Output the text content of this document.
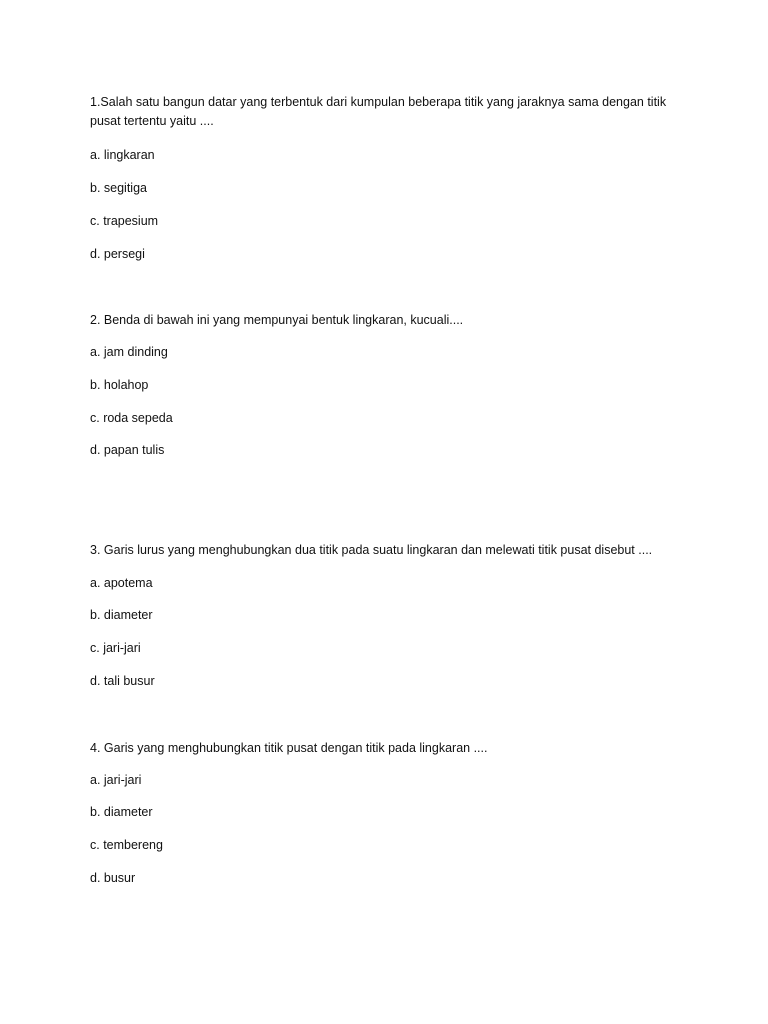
1.Salah satu bangun datar yang terbentuk dari kumpulan beberapa titik yang jaraknya sama dengan titik pusat tertentu yaitu ....

a. lingkaran

b. segitiga

c. trapesium

d. persegi

2. Benda di bawah ini yang mempunyai bentuk lingkaran, kucuali....

a. jam dinding

b. holahop

c. roda sepeda

d. papan tulis

3. Garis lurus yang menghubungkan dua titik pada suatu lingkaran dan melewati titik pusat disebut ....

a. apotema

b. diameter

c. jari-jari

d. tali busur

4. Garis yang menghubungkan titik pusat dengan titik pada lingkaran ....

a. jari-jari

b. diameter

c. tembereng

d. busur
